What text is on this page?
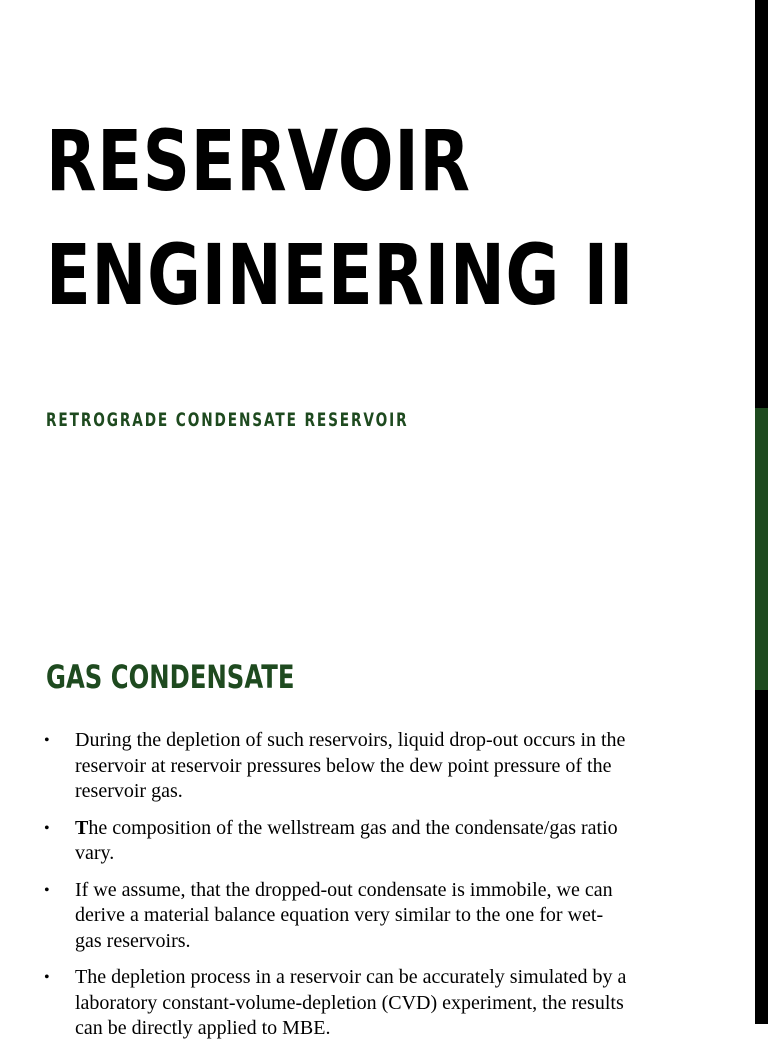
RESERVOIR
ENGINEERING II

RETROGRADE CONDENSATE RESERVOIR

GAS CONDENSATE
•	During the depletion of such reservoirs, liquid drop-out occurs in the
reservoir at reservoir pressures below the dew point pressure of the
reservoir gas.
•	The composition of the wellstream gas and the condensate/gas ratio
vary.
•	If we assume, that the dropped-out condensate is immobile, we can
derive a material balance equation very similar to the one for wet-
gas reservoirs.
•	The depletion process in a reservoir can be accurately simulated by a
laboratory constant-volume-depletion (CVD) experiment, the results
can be directly applied to MBE.
